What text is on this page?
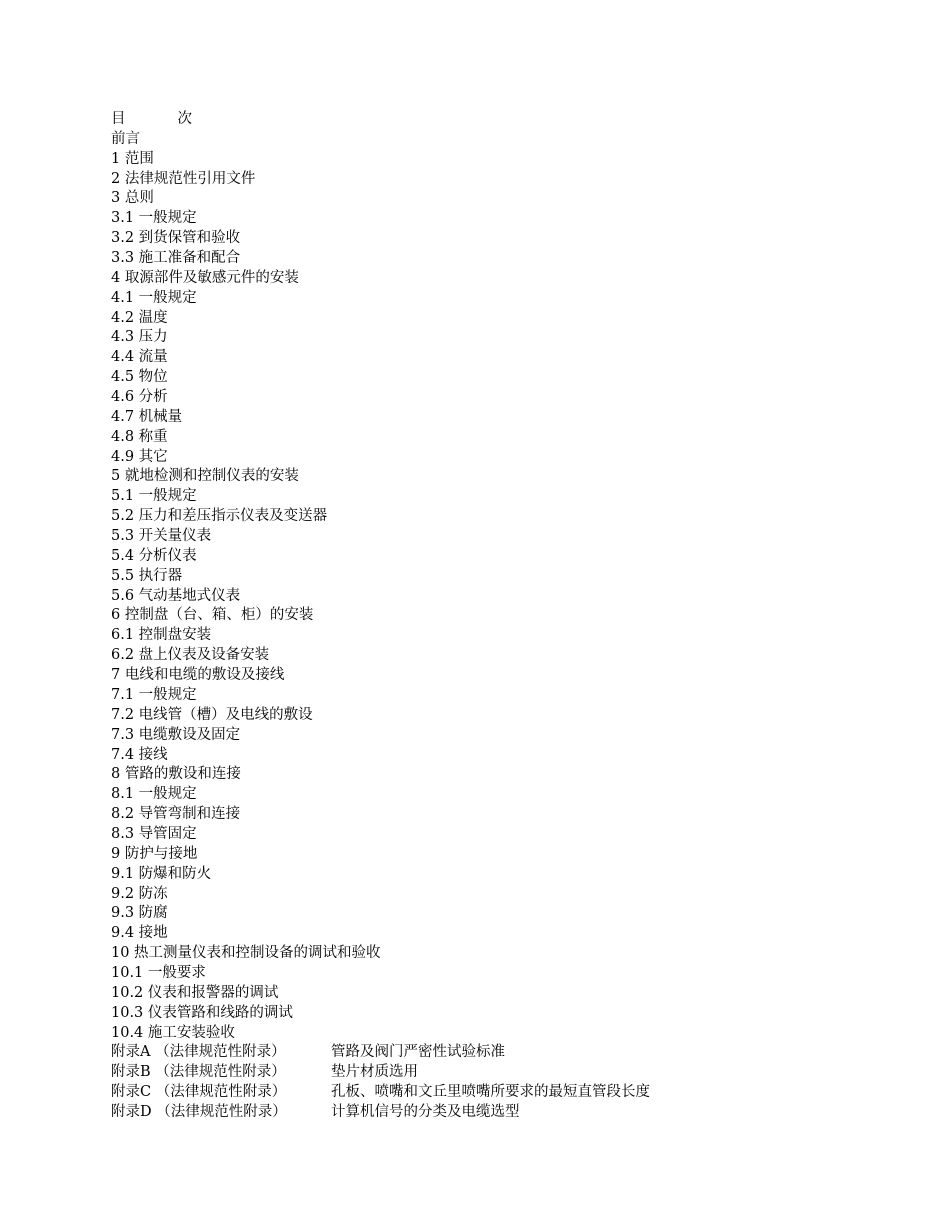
目	次
前言
1 范围
2 法律规范性引用文件
3 总则
3.1 一般规定
3.2 到货保管和验收
3.3 施工准备和配合
4 取源部件及敏感元件的安装
4.1 一般规定
4.2 温度
4.3 压力
4.4 流量
4.5 物位
4.6 分析
4.7 机械量
4.8 称重
4.9 其它
5 就地检测和控制仪表的安装
5.1 一般规定
5.2 压力和差压指示仪表及变送器
5.3 开关量仪表
5.4 分析仪表
5.5 执行器
5.6 气动基地式仪表
6 控制盘（台、箱、柜）的安装
6.1 控制盘安装
6.2 盘上仪表及设备安装
7 电线和电缆的敷设及接线
7.1 一般规定
7.2 电线管（槽）及电线的敷设
7.3 电缆敷设及固定
7.4 接线
8 管路的敷设和连接
8.1 一般规定
8.2 导管弯制和连接
8.3 导管固定
9 防护与接地
9.1 防爆和防火
9.2 防冻
9.3 防腐
9.4 接地
10 热工测量仪表和控制设备的调试和验收
10.1 一般要求
10.2 仪表和报警器的调试
10.3 仪表管路和线路的调试
10.4 施工安装验收
附录A （法律规范性附录）	管路及阀门严密性试验标准
附录B （法律规范性附录）	垫片材质选用
附录C （法律规范性附录）	孔板、喷嘴和文丘里喷嘴所要求的最短直管段长度
附录D （法律规范性附录）	计算机信号的分类及电缆选型
